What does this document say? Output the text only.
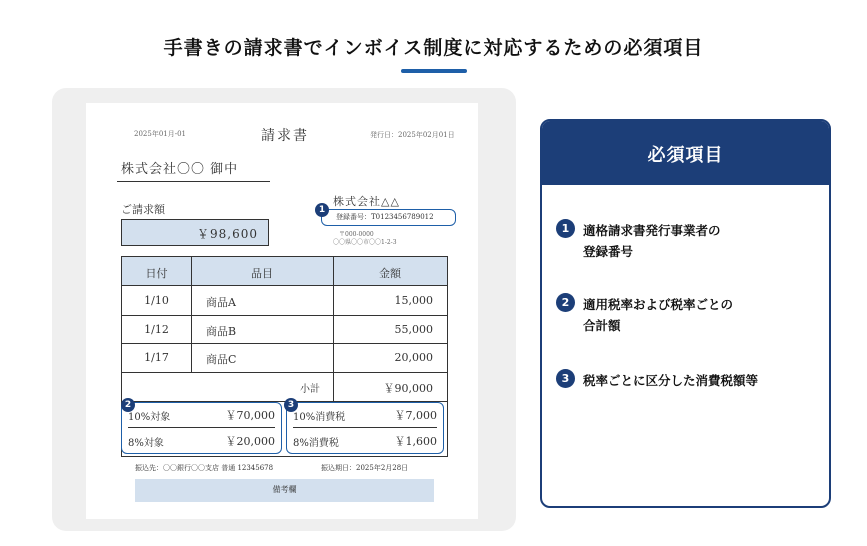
手書きの請求書でインボイス制度に対応するための必須項目
2025年01月-01	請求書	発行日：2025年02月01日
株式会社〇〇 御中
ご請求額
￥98,600
株式会社△△
登録番号：T0123456789012
1
〒000-0000
〇〇県〇〇市〇〇1-2-3
日付	品目	金額
1/10	商品A	15,000
1/12	商品B	55,000
1/17	商品C	20,000
小計	￥90,000
10%対象	￥70,000
8%対象	￥20,000
2
10%消費税	￥7,000
8%消費税	￥1,600
3
振込先：〇〇銀行〇〇支店 普通 12345678	振込期日：2025年2月28日
備考欄
必須項目
1	適格請求書発行事業者の
登録番号
2	適用税率および税率ごとの
合計額
3	税率ごとに区分した消費税額等
